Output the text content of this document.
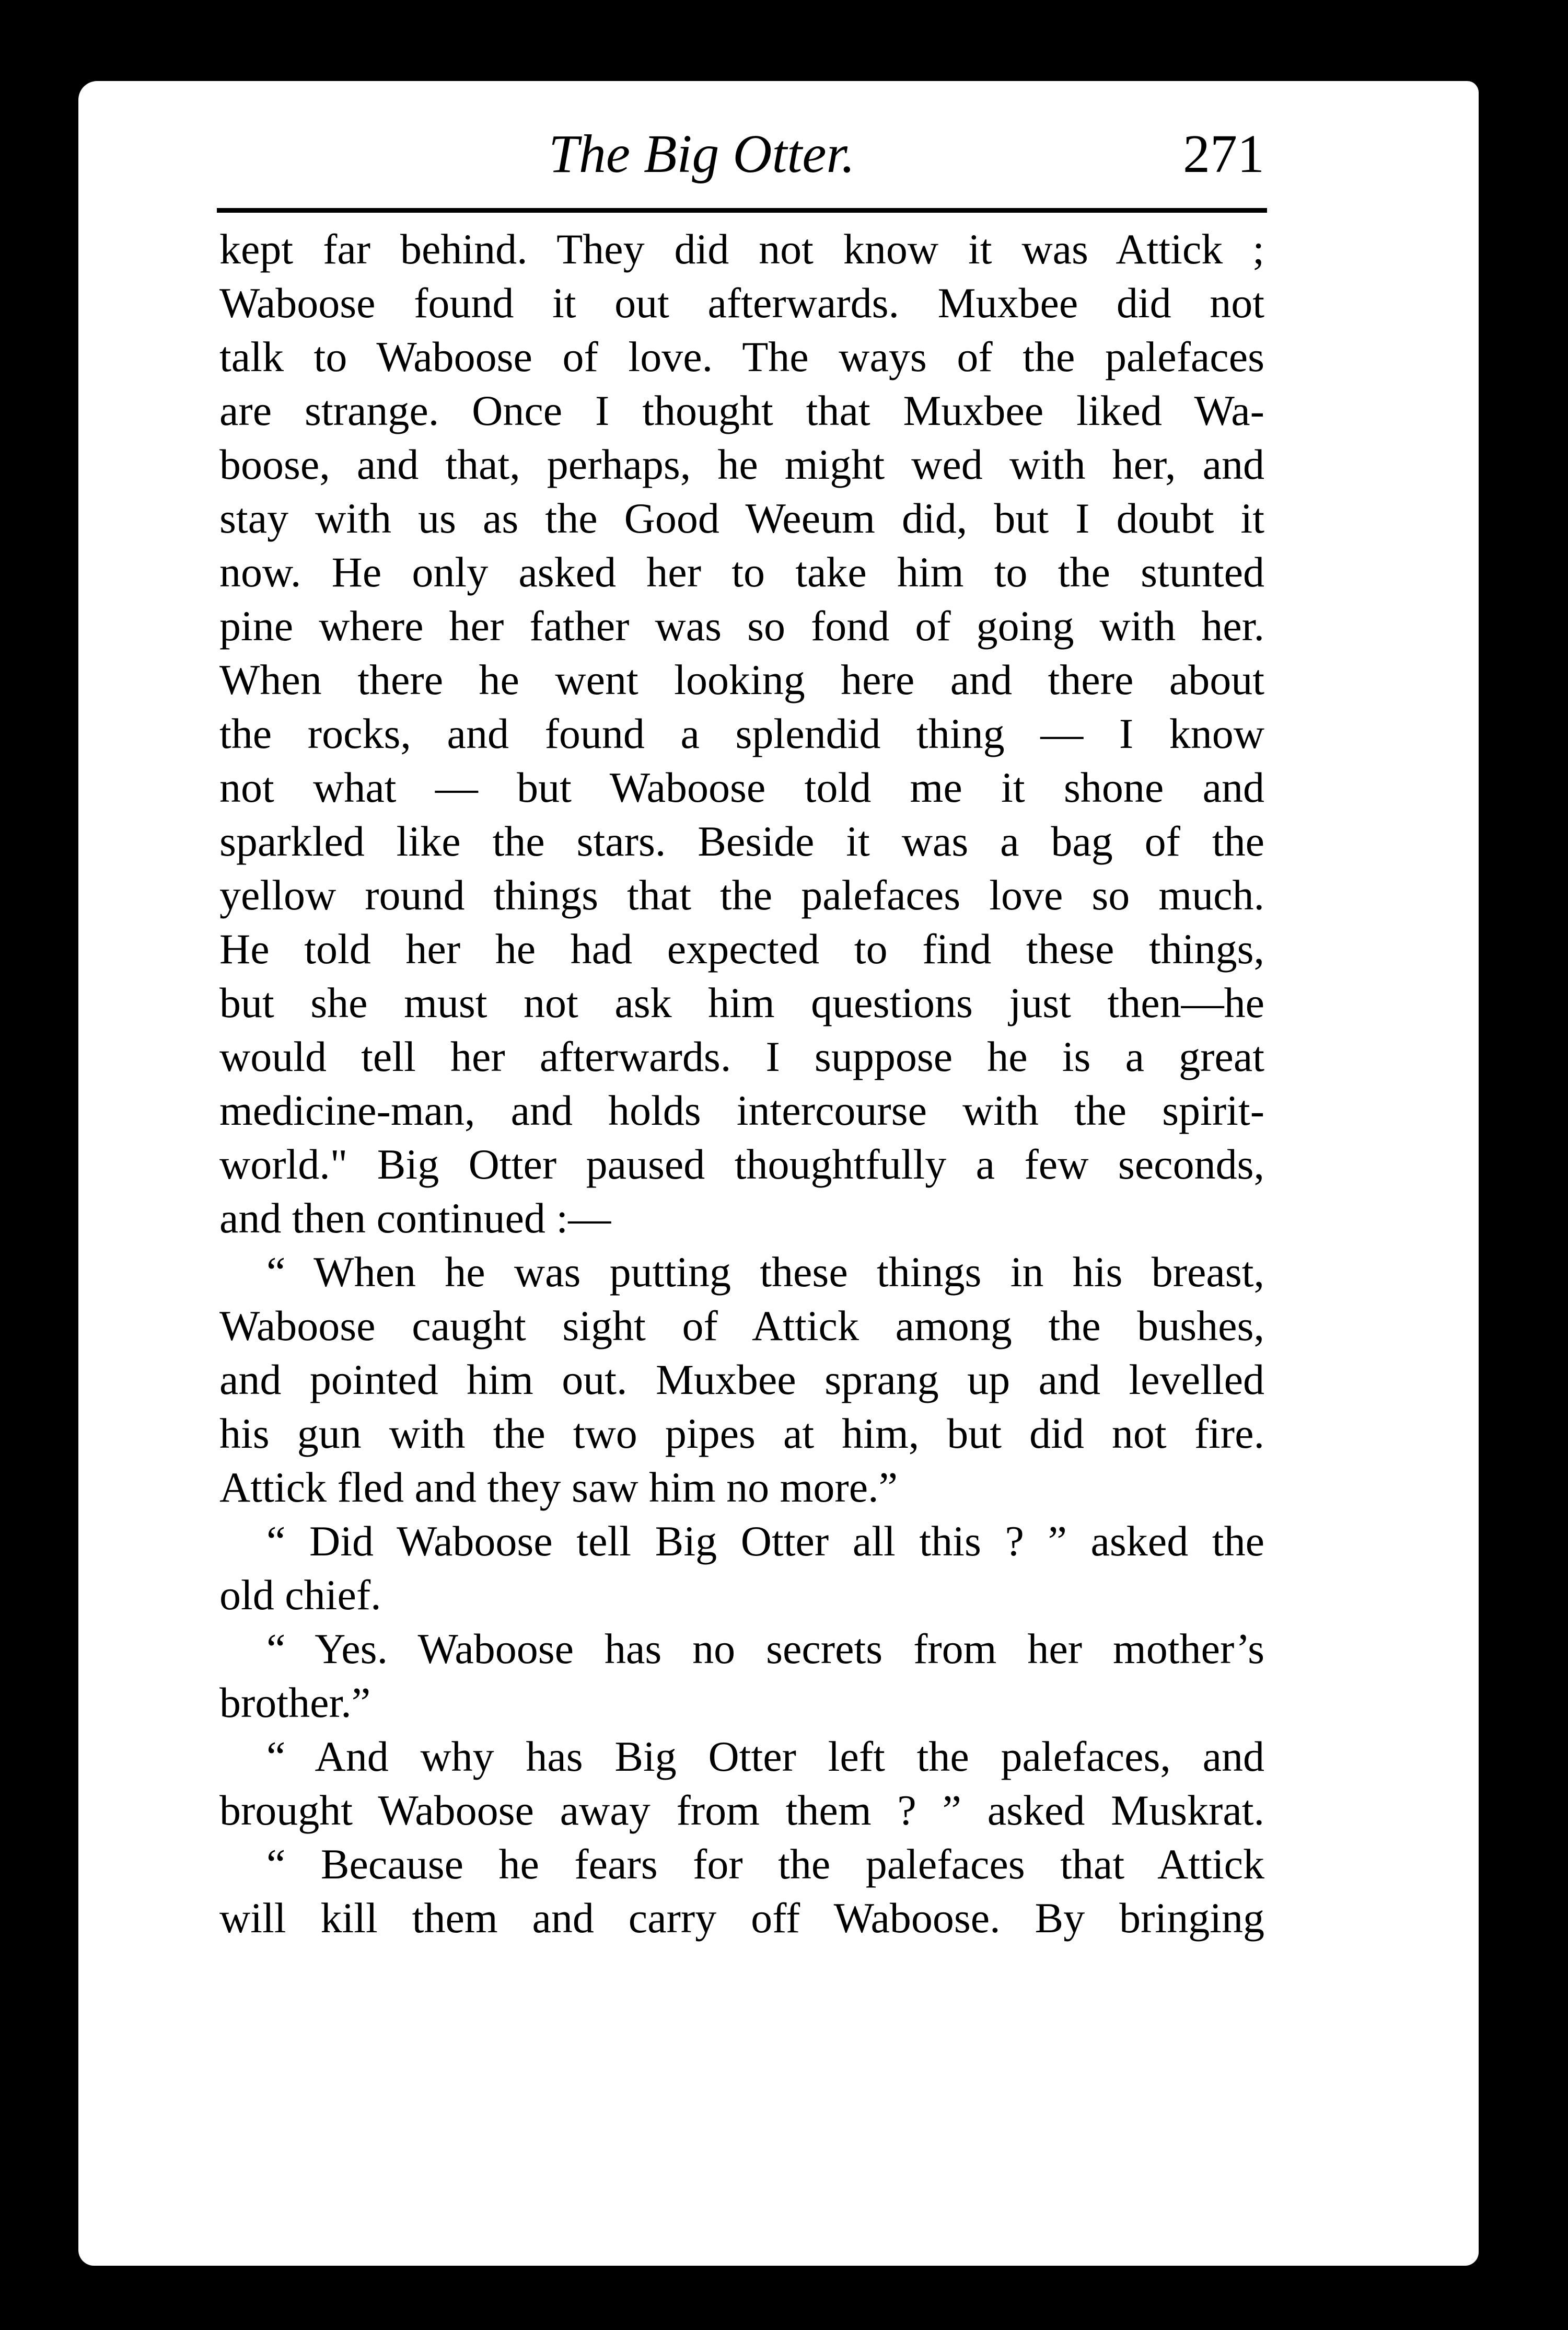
The Big Otter.	271
kept far behind. They did not know it was Attick ;
Waboose found it out afterwards. Muxbee did not
talk to Waboose of love. The ways of the palefaces
are strange. Once I thought that Muxbee liked Wa-
boose, and that, perhaps, he might wed with her, and
stay with us as the Good Weeum did, but I doubt it
now. He only asked her to take him to the stunted
pine where her father was so fond of going with her.
When there he went looking here and there about
the rocks, and found a splendid thing — I know
not what — but Waboose told me it shone and
sparkled like the stars. Beside it was a bag of the
yellow round things that the palefaces love so much.
He told her he had expected to find these things,
but she must not ask him questions just then—he
would tell her afterwards. I suppose he is a great
medicine-man, and holds intercourse with the spirit-
world." Big Otter paused thoughtfully a few seconds,
and then continued :—
“ When he was putting these things in his breast,
Waboose caught sight of Attick among the bushes,
and pointed him out. Muxbee sprang up and levelled
his gun with the two pipes at him, but did not fire.
Attick fled and they saw him no more.”
“ Did Waboose tell Big Otter all this ? ” asked the
old chief.
“ Yes. Waboose has no secrets from her mother’s
brother.”
“ And why has Big Otter left the palefaces, and
brought Waboose away from them ? ” asked Muskrat.
“ Because he fears for the palefaces that Attick
will kill them and carry off Waboose. By bringing
